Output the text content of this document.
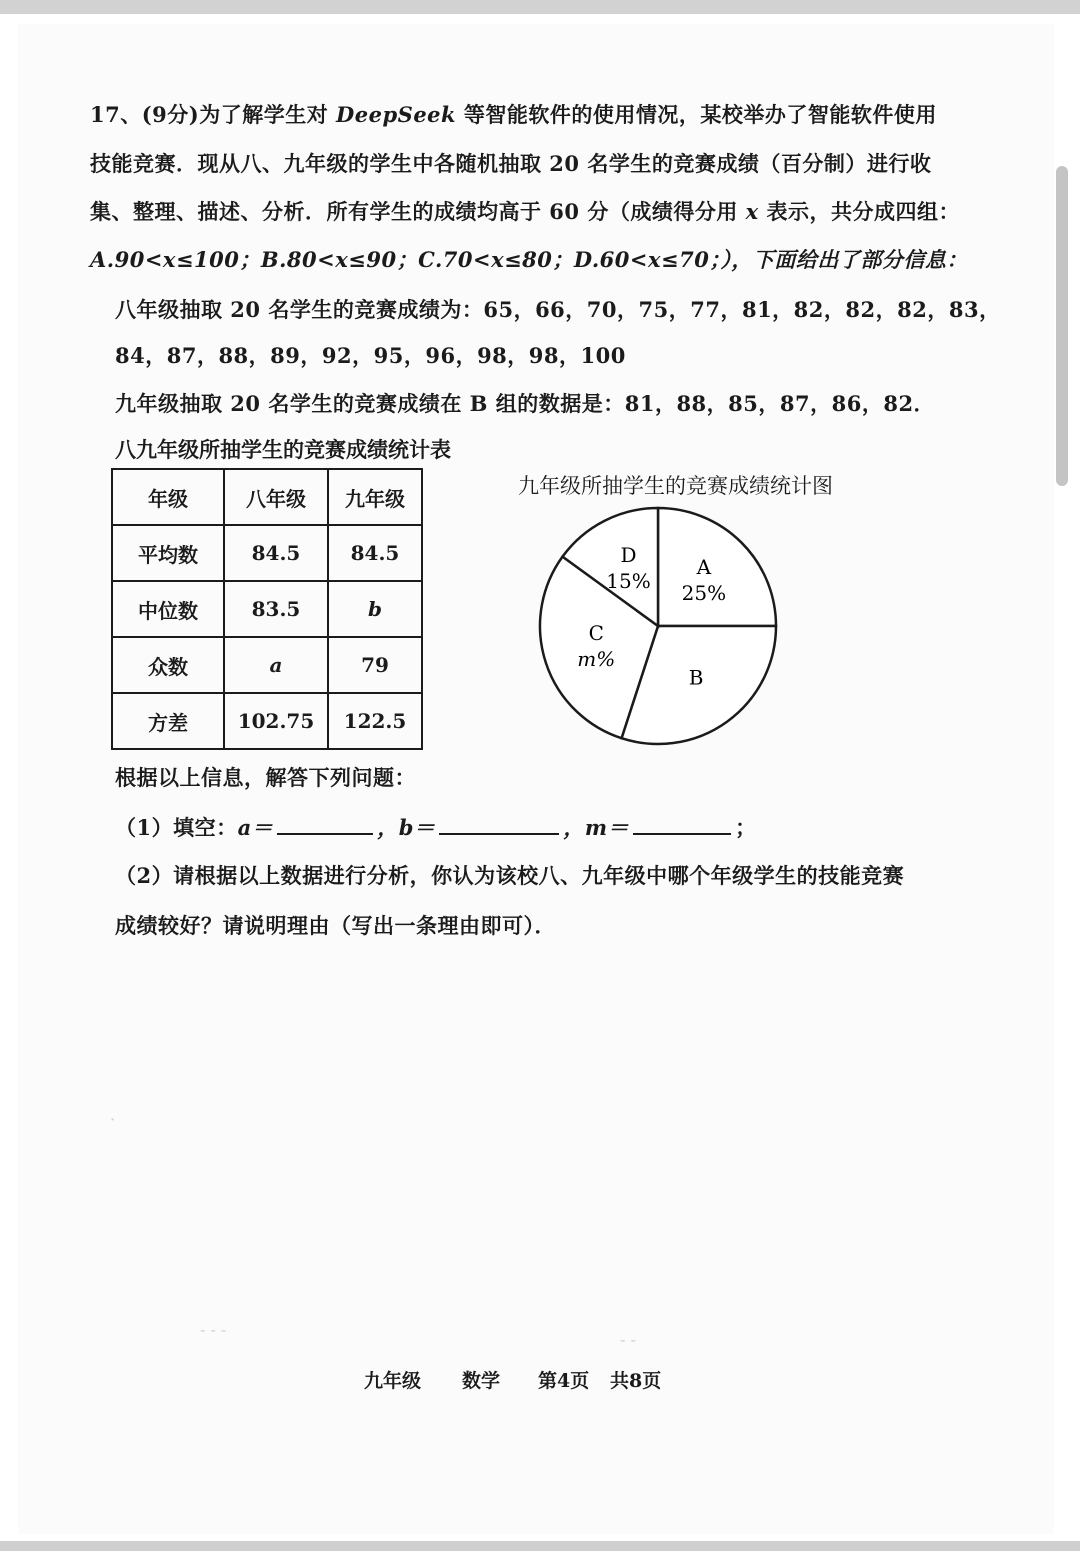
17、(9分)为了解学生对 DeepSeek 等智能软件的使用情况，某校举办了智能软件使用
技能竞赛．现从八、九年级的学生中各随机抽取 20 名学生的竞赛成绩（百分制）进行收
集、整理、描述、分析．所有学生的成绩均高于 60 分（成绩得分用 x 表示，共分成四组：
A.90<x≤100；B.80<x≤90；C.70<x≤80；D.60<x≤70；），下面给出了部分信息：
八年级抽取 20 名学生的竞赛成绩为：65，66，70，75，77，81，82，82，82，83，
84，87，88，89，92，95，96，98，98，100
九年级抽取 20 名学生的竞赛成绩在 B 组的数据是：81，88，85，87，86，82．
八九年级所抽学生的竞赛成绩统计表
年级	八年级	九年级
平均数	84.5	84.5
中位数	83.5	b
众数	a	79
方差	102.75	122.5
九年级所抽学生的竞赛成绩统计图
A
25%
B
C
m%
D
15%
根据以上信息，解答下列问题：
（1）填空：a＝	，b＝	，m＝	；
（2）请根据以上数据进行分析，你认为该校八、九年级中哪个年级学生的技能竞赛
成绩较好？请说明理由（写出一条理由即可）．
·
- - -
- -
九年级 数学 第4页 共8页
